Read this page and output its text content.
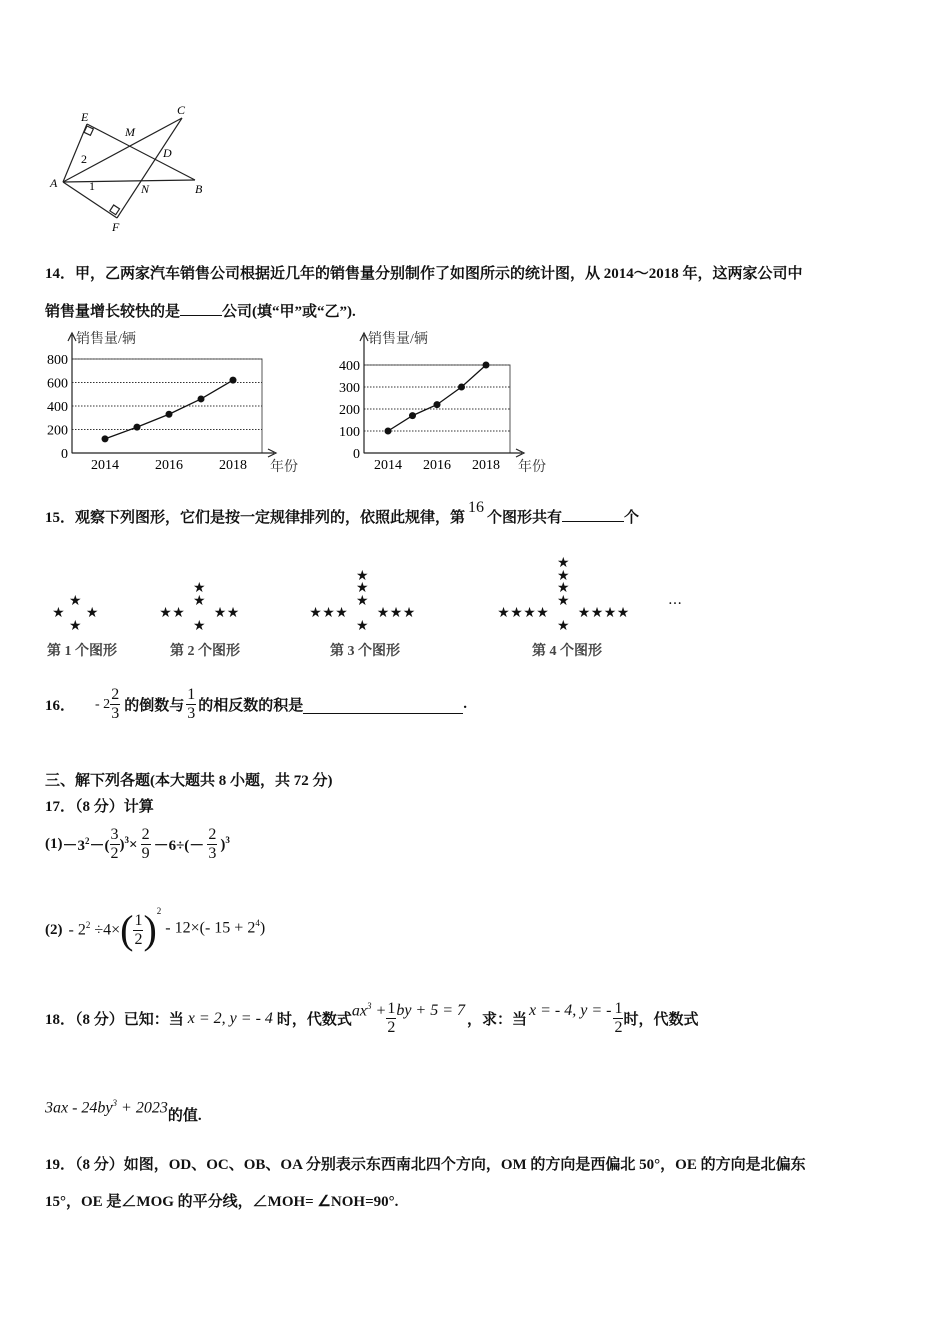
E	C
M
D
2
A	1	N	B
F
14．甲，乙两家汽车销售公司根据近几年的销售量分别制作了如图所示的统计图，从 2014～2018 年，这两家公司中
销售量增长较快的是	公司(填“甲”或“乙”).
0
200
400
600
800
销售量/辆
年份
2014	2016	2018
0
100
200
300
400
销售量/辆
年份
2014 2016 2018
15．观察下列图形，它们是按一定规律排列的，依照此规律，第16个图形共有	个
★
★ ★
★
★
★ ★
★
★	★
★
★
★ ★
★
★	★
★
★	★
★
★
★ ★
★
★	★
★
★	★
★
★	★
★
第 1 个图形	第 2 个图形	第 3 个图形	第 4 个图形
…
16． - $2 \frac{2}{3}$ 的倒数与 $\frac{1}{3}$ 的相反数的积是	.
三、解下列各题(本大题共 8 小题，共 72 分)
17．（8 分）计算
$(1) -3^2-( \frac{3}{2} )^3\times \frac{2}{9} -6\div(- \frac{2}{3} )^3$
$(2) - 2^2 \div 4\times$ ( $\frac{1}{2}$ ) $^2$ - 12×(- $15 + 2^4$)
18．（8 分）已知：当 x = 2, y = - 4 时，代数式
$ax^3 + \frac{1}{2}$ by + 5 = 7
，求：当
x = - 4, y = - $\frac{1}{2}$ 时，代数式
$3ax - 24by^3 + 2023$ 的值.
19．（8 分）如图，OD、OC、OB、OA 分别表示东西南北四个方向，OM 的方向是西偏北 50°，OE 的方向是北偏东
15°，OE 是∠MOG 的平分线，∠MOH= ∠NOH=90°.
